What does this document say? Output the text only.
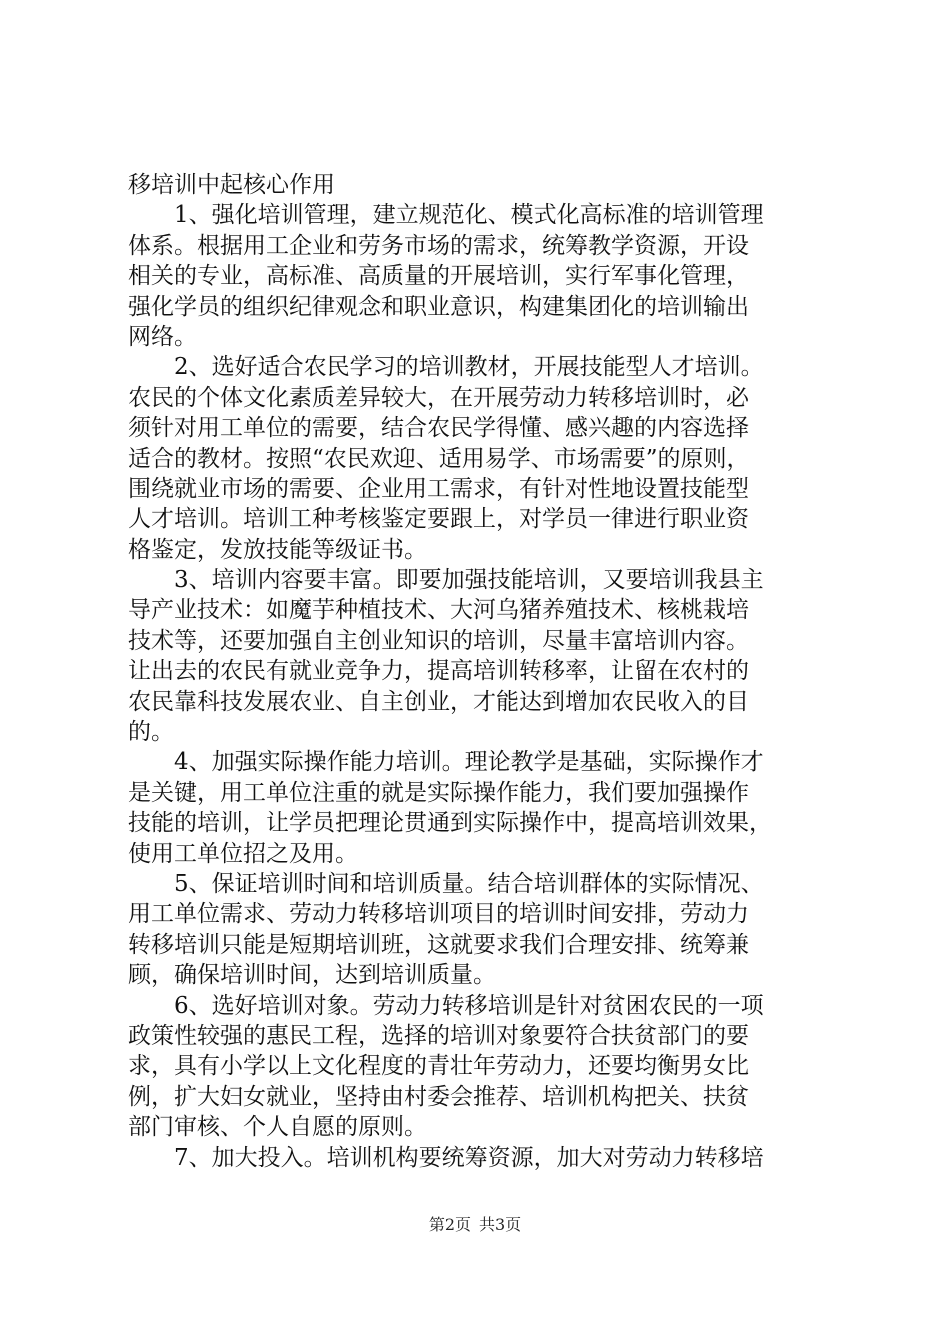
移培训中起核心作用
1、强化培训管理，建立规范化、模式化高标准的培训管理
体系。根据用工企业和劳务市场的需求，统筹教学资源，开设
相关的专业，高标准、高质量的开展培训，实行军事化管理，
强化学员的组织纪律观念和职业意识，构建集团化的培训输出
网络。
2、选好适合农民学习的培训教材，开展技能型人才培训。
农民的个体文化素质差异较大，在开展劳动力转移培训时，必
须针对用工单位的需要，结合农民学得懂、感兴趣的内容选择
适合的教材。按照“农民欢迎、适用易学、市场需要”的原则，
围绕就业市场的需要、企业用工需求，有针对性地设置技能型
人才培训。培训工种考核鉴定要跟上，对学员一律进行职业资
格鉴定，发放技能等级证书。
3、培训内容要丰富。即要加强技能培训，又要培训我县主
导产业技术：如魔芋种植技术、大河乌猪养殖技术、核桃栽培
技术等，还要加强自主创业知识的培训，尽量丰富培训内容。
让出去的农民有就业竞争力，提高培训转移率，让留在农村的
农民靠科技发展农业、自主创业，才能达到增加农民收入的目
的。
4、加强实际操作能力培训。理论教学是基础，实际操作才
是关键，用工单位注重的就是实际操作能力，我们要加强操作
技能的培训，让学员把理论贯通到实际操作中，提高培训效果，
使用工单位招之及用。
5、保证培训时间和培训质量。结合培训群体的实际情况、
用工单位需求、劳动力转移培训项目的培训时间安排，劳动力
转移培训只能是短期培训班，这就要求我们合理安排、统筹兼
顾，确保培训时间，达到培训质量。
6、选好培训对象。劳动力转移培训是针对贫困农民的一项
政策性较强的惠民工程，选择的培训对象要符合扶贫部门的要
求，具有小学以上文化程度的青壮年劳动力，还要均衡男女比
例，扩大妇女就业，坚持由村委会推荐、培训机构把关、扶贫
部门审核、个人自愿的原则。
7、加大投入。培训机构要统筹资源，加大对劳动力转移培
第2页 共3页
